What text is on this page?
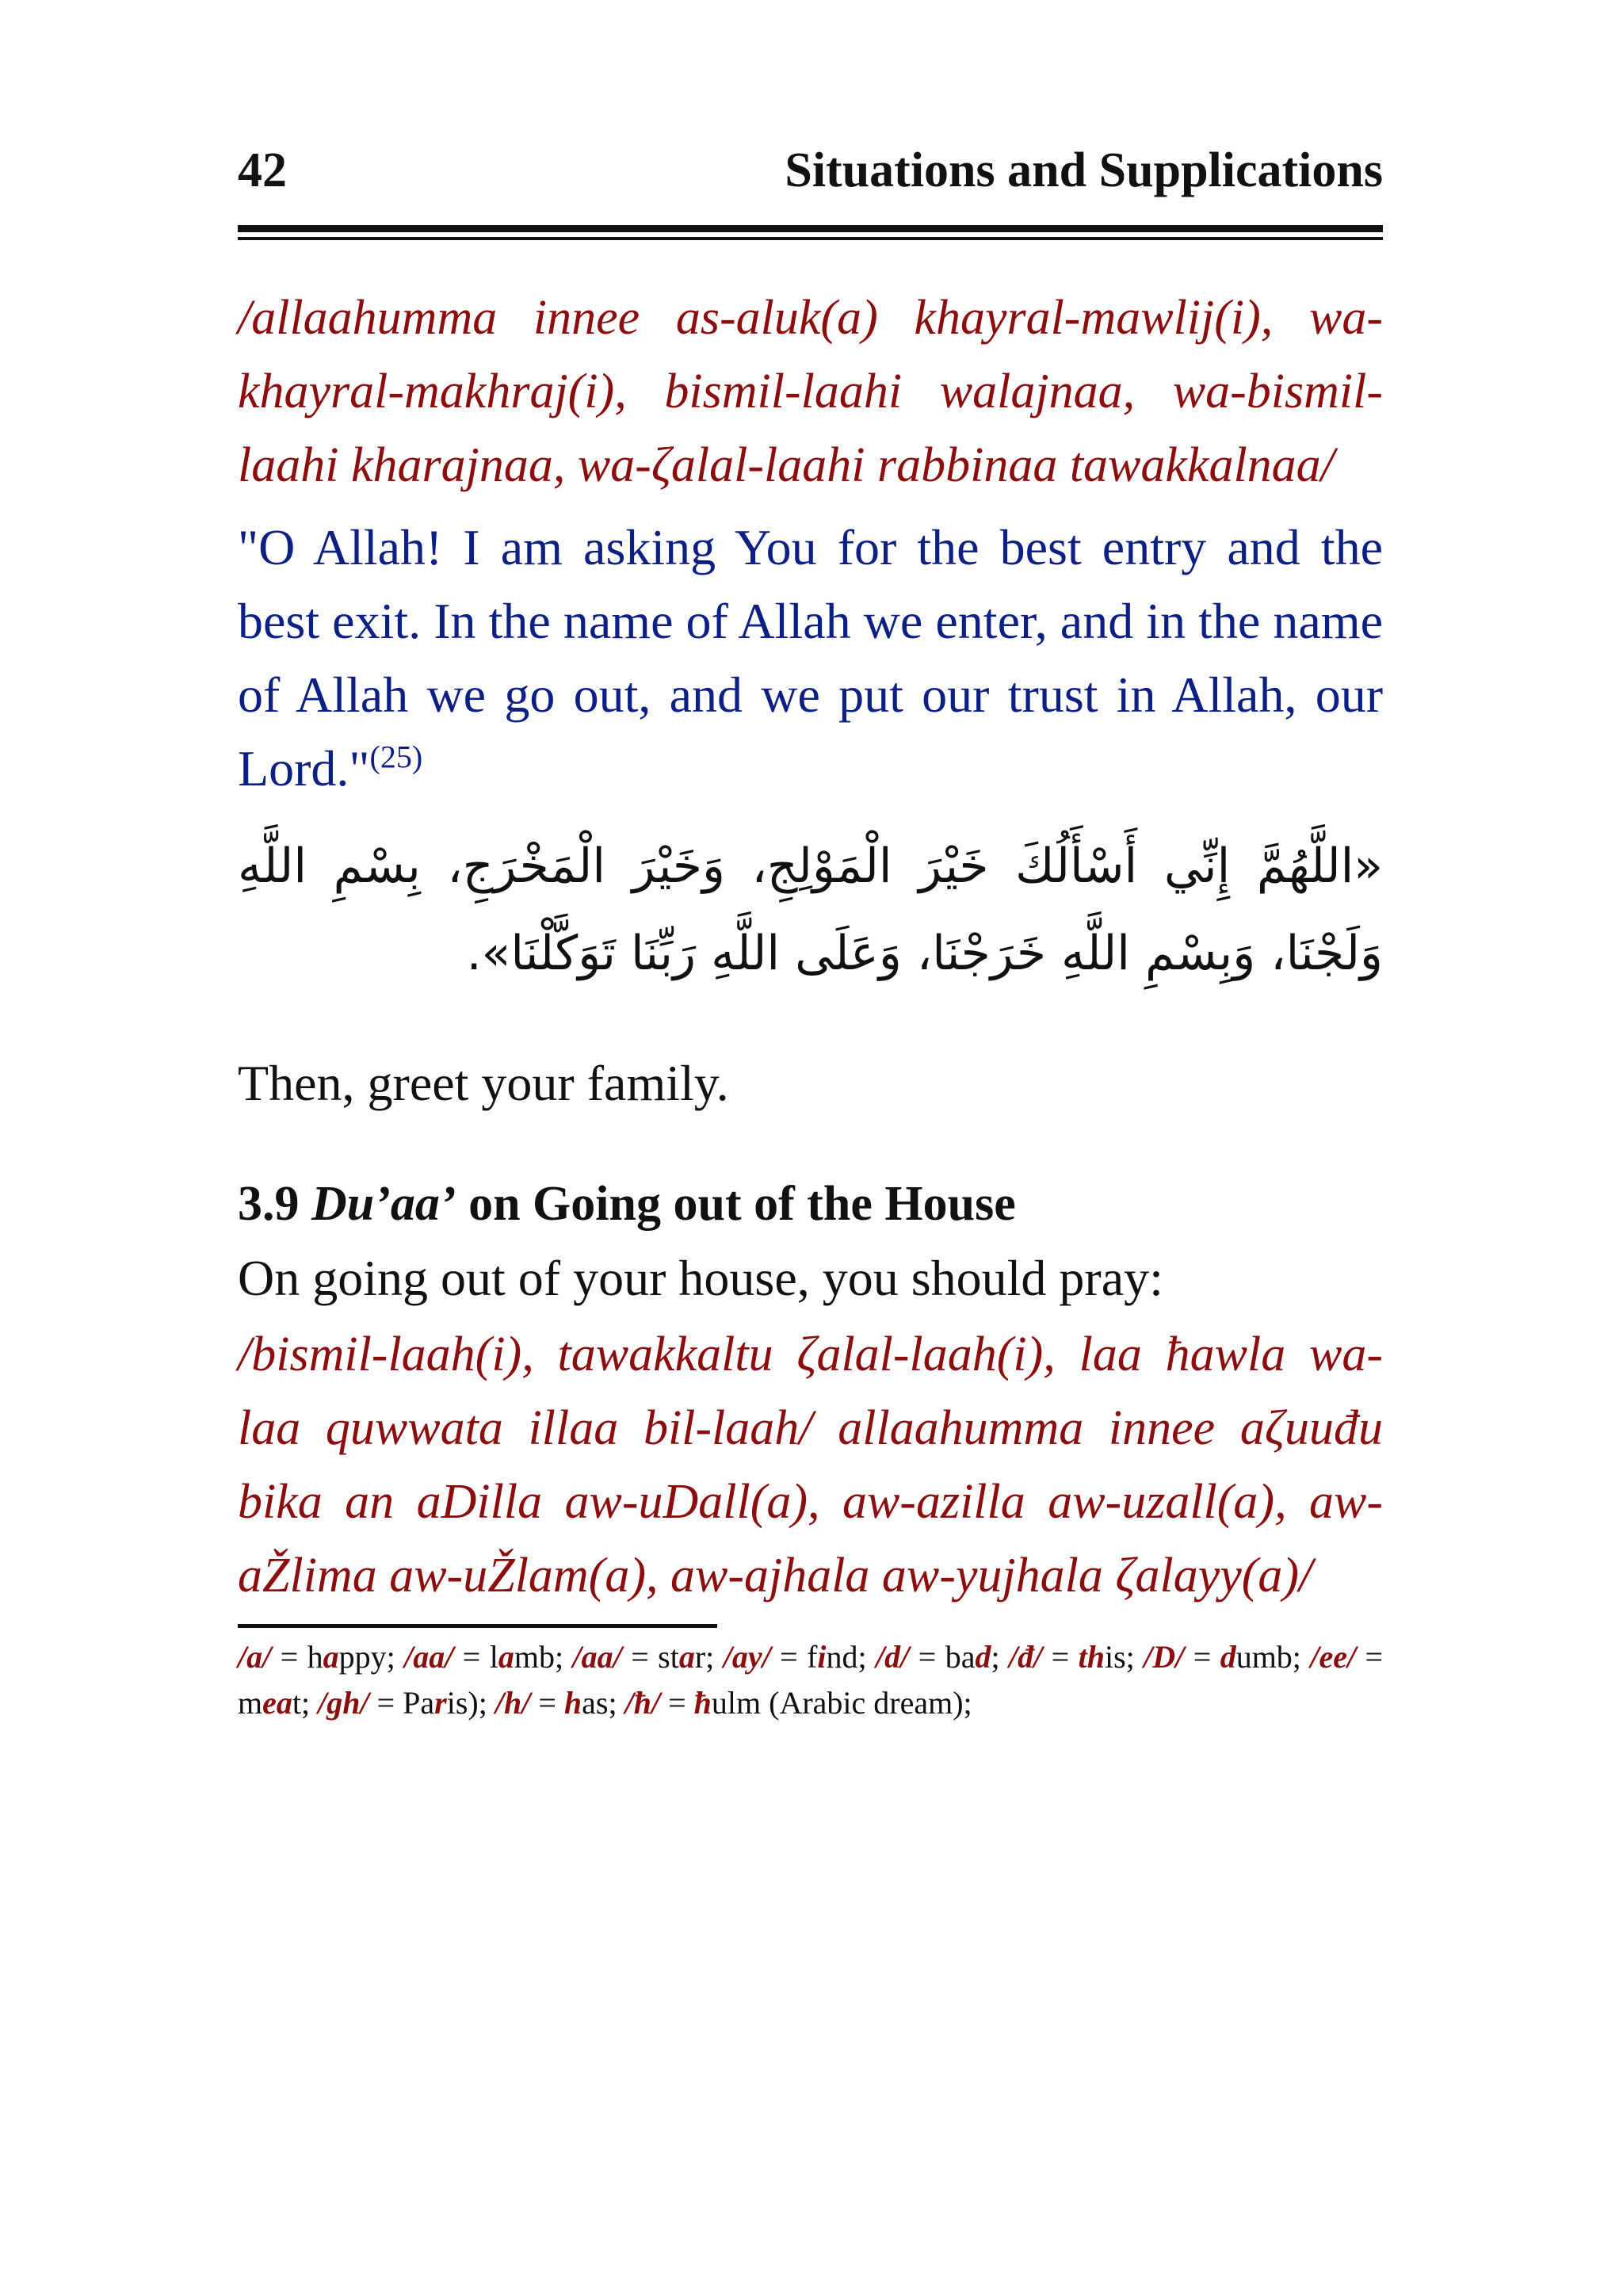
42	Situations and Supplications

/allaahumma innee as-aluk(a) khayral-mawlij(i), wa-khayral-makhraj(i), bismil-laahi walajnaa, wa-bismil-laahi kharajnaa, wa-ζalal-laahi rabbinaa tawakkalnaa/

"O Allah! I am asking You for the best entry and the best exit. In the name of Allah we enter, and in the name of Allah we go out, and we put our trust in Allah, our Lord."$^{(25)}$

«اللَّهُمَّ إِنِّي أَسْأَلُكَ خَيْرَ الْمَوْلِجِ، وَخَيْرَ الْمَخْرَجِ، بِسْمِ اللَّهِ وَلَجْنَا، وَبِسْمِ اللَّهِ خَرَجْنَا، وَعَلَى اللَّهِ رَبِّنَا تَوَكَّلْنَا».

Then, greet your family.

3.9 Du’aa’ on Going out of the House

On going out of your house, you should pray:

/bismil-laah(i), tawakkaltu ζalal-laah(i), laa ħawla wa-laa quwwata illaa bil-laah/ allaahumma innee aζuuđu bika an aDilla aw-uDall(a), aw-azilla aw-uzall(a), aw-aŽlima aw-uŽlam(a), aw-ajhala aw-yujhala ζalayy(a)/

/a/ = happy; /aa/ = lamb; /aa/ = star; /ay/ = find; /d/ = bad; /đ/ = this; /D/ = dumb; /ee/ = meat; /gh/ = Paris); /h/ = has; /ħ/ = ħulm (Arabic dream);
